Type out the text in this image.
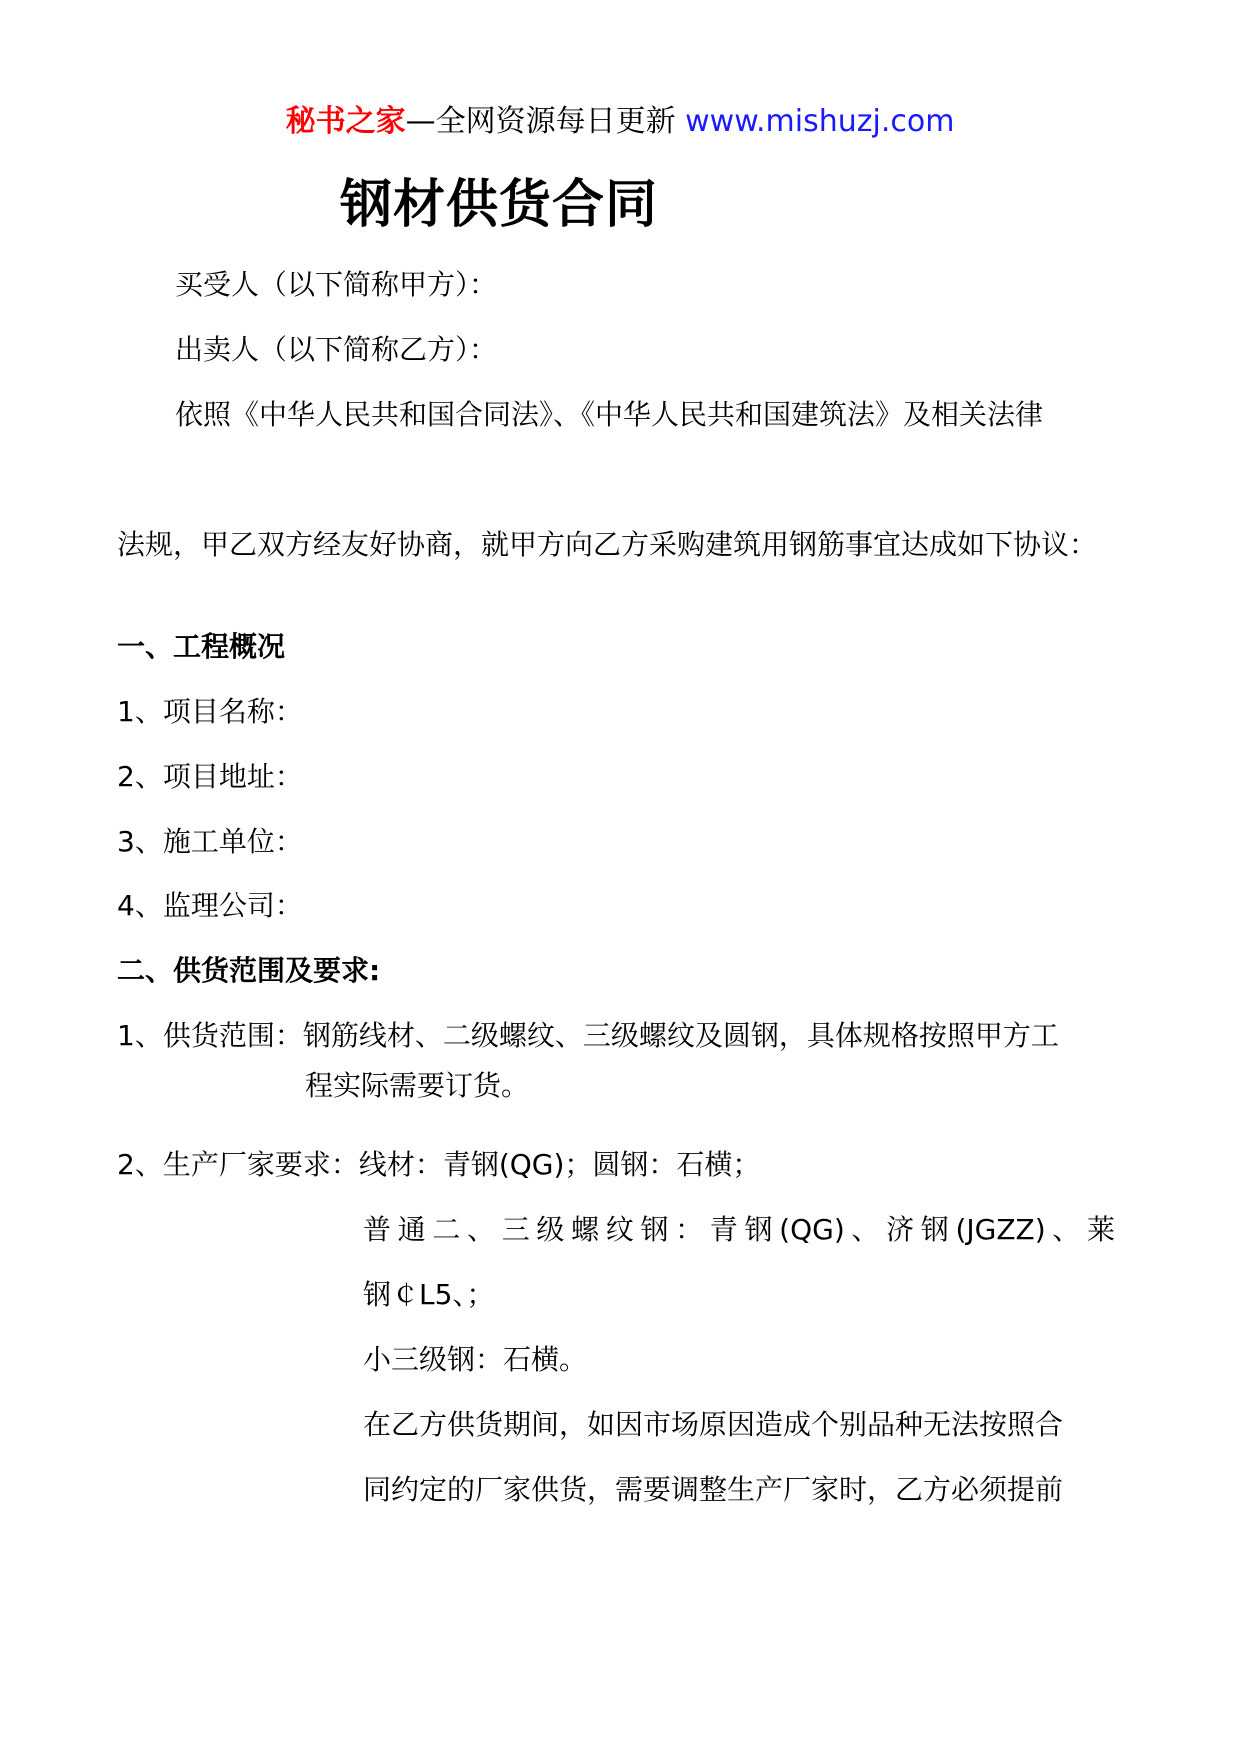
秘书之家—全网资源每日更新 www.mishuzj.com
钢材供货合同
买受人（以下简称甲方）：
出卖人（以下简称乙方）：
依照《中华人民共和国合同法》、《中华人民共和国建筑法》及相关法律
法规，甲乙双方经友好协商，就甲方向乙方采购建筑用钢筋事宜达成如下协议：
一、工程概况
1、项目名称：
2、项目地址：
3、施工单位：
4、监理公司：
二、供货范围及要求:
1、供货范围：钢筋线材、二级螺纹、三级螺纹及圆钢，具体规格按照甲方工
程实际需要订货。
2、生产厂家要求：线材：青钢(QG)；圆钢：石横；
普通二、三级螺纹钢：青钢(QG)、济钢(JGZZ)、莱
钢￠L5、；
小三级钢：石横。
在乙方供货期间，如因市场原因造成个别品种无法按照合
同约定的厂家供货，需要调整生产厂家时，乙方必须提前
